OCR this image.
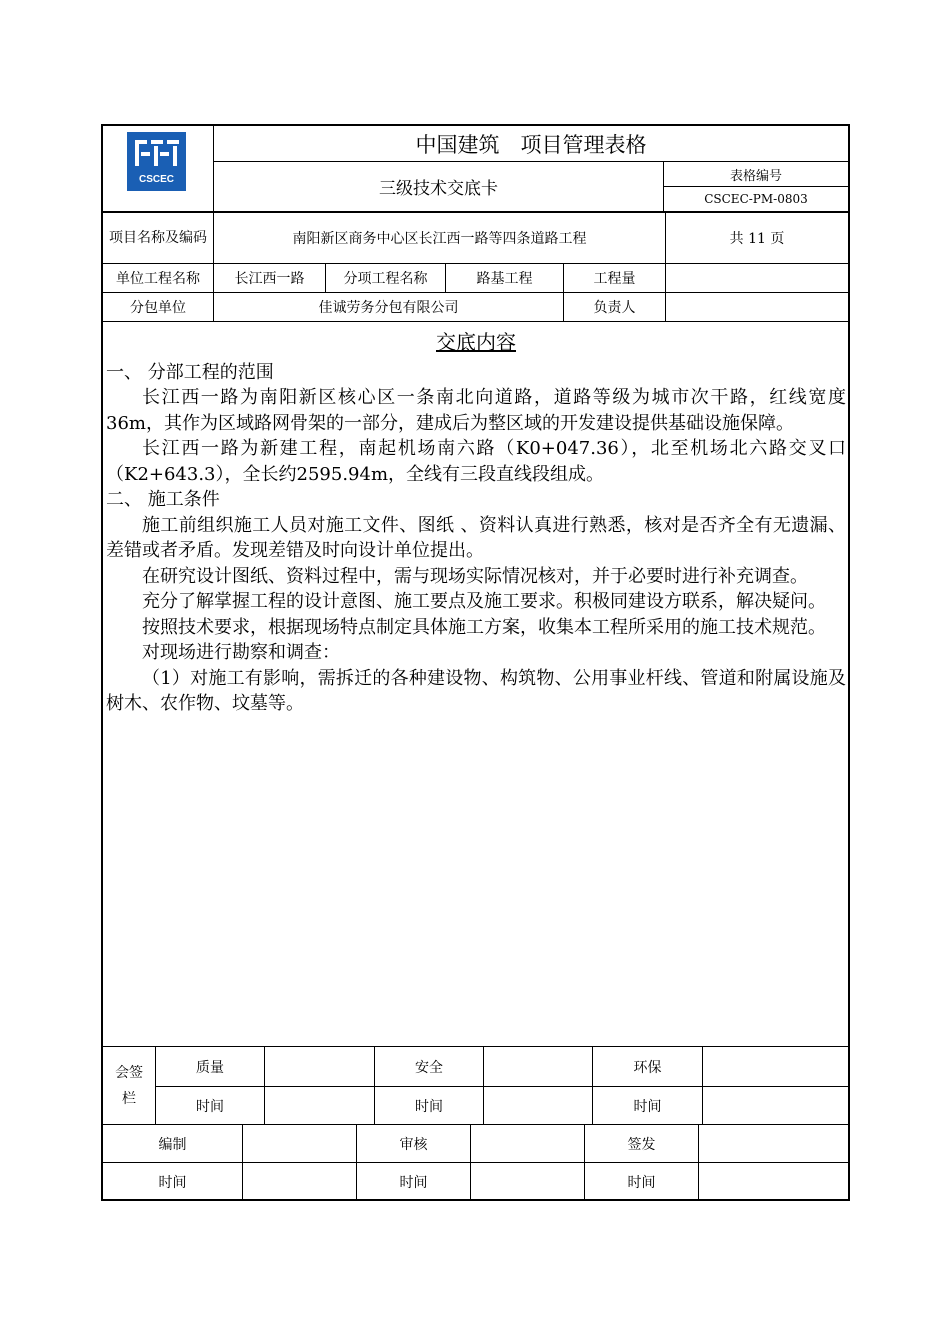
CSCEC
中国建筑　项目管理表格
三级技术交底卡
表格编号
CSCEC-PM-0803
项目名称及编码	南阳新区商务中心区长江西一路等四条道路工程	共 11 页
单位工程名称	长江西一路	分项工程名称	路基工程	工程量
分包单位	佳诚劳务分包有限公司	负责人

交底内容

一、 分部工程的范围

长江西一路为南阳新区核心区一条南北向道路，道路等级为城市次干路，红线宽度36m，其作为区域路网骨架的一部分，建成后为整区域的开发建设提供基础设施保障。

长江西一路为新建工程，南起机场南六路（K0+047.36），北至机场北六路交叉口（K2+643.3），全长约2595.94m，全线有三段直线段组成。

二、 施工条件

施工前组织施工人员对施工文件、图纸 、资料认真进行熟悉，核对是否齐全有无遗漏、差错或者矛盾。发现差错及时向设计单位提出。

在研究设计图纸、资料过程中，需与现场实际情况核对，并于必要时进行补充调查。

充分了解掌握工程的设计意图、施工要点及施工要求。积极同建设方联系，解决疑问。

按照技术要求，根据现场特点制定具体施工方案，收集本工程所采用的施工技术规范。

对现场进行勘察和调查：

（1）对施工有影响，需拆迁的各种建设物、构筑物、公用事业杆线、管道和附属设施及树木、农作物、坟墓等。

会签栏
质量	安全	环保
时间	时间	时间
编制	审核	签发
时间	时间	时间
